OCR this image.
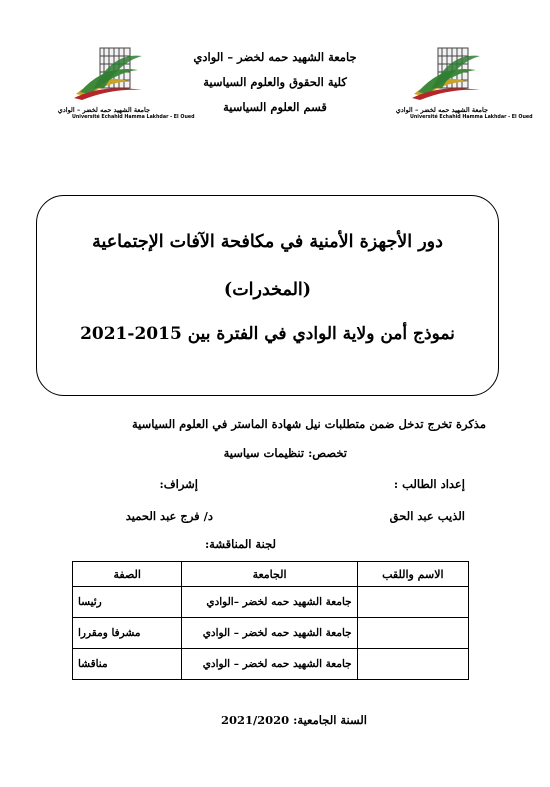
جامعة الشهيد حمه لخضر – الوادي
Université Echahid Hamma Lakhdar - El Oued
جامعة الشهيد حمه لخضر – الوادي
Université Echahid Hamma Lakhdar - El Oued
جامعة الشهيد حمه لخضر – الوادي
كلية الحقوق والعلوم السياسية
قسم العلوم السياسية
دور الأجهزة الأمنية في مكافحة الآفات الإجتماعية
(المخدرات)
نموذج أمن ولاية الوادي في الفترة بين 2015-2021
مذكرة تخرج تدخل ضمن متطلبات نيل شهادة الماستر في العلوم السياسية
تخصص: تنظيمات سياسية
إعداد الطالب :
إشراف:
الذيب عبد الحق
د/ فرج عبد الحميد
لجنة المناقشة:
الاسم واللقب	الجامعة	الصفة
	جامعة الشهيد حمه لخضر –الوادي	رئيسا
	جامعة الشهيد حمه لخضر – الوادي	مشرفا ومقررا
	جامعة الشهيد حمه لخضر – الوادي	مناقشا
السنة الجامعية: 2021/2020
